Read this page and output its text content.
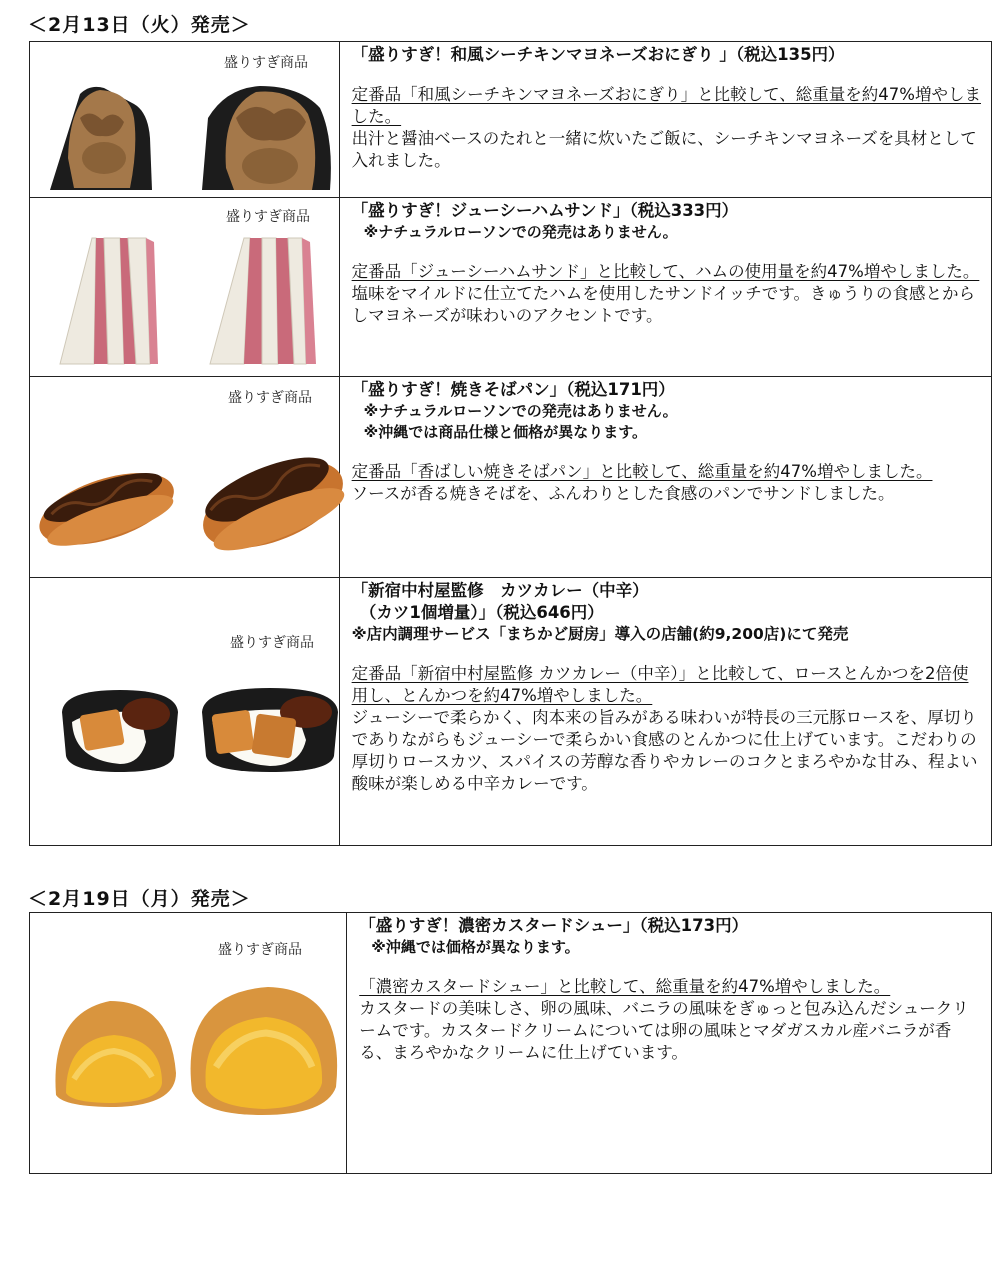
＜2月13日（火）発売＞
盛りすぎ商品	「盛りすぎ！和風シーチキンマヨネーズおにぎり 」（税込135円）
定番品「和風シーチキンマヨネーズおにぎり」と比較して、総重量を約47%増やしました。
出汁と醤油ベースのたれと一緒に炊いたご飯に、シーチキンマヨネーズを具材として入れました。

盛りすぎ商品	「盛りすぎ！ジューシーハムサンド」（税込333円）
※ナチュラルローソンでの発売はありません。
定番品「ジューシーハムサンド」と比較して、ハムの使用量を約47%増やしました。
塩味をマイルドに仕立てたハムを使用したサンドイッチです。きゅうりの食感とからしマヨネーズが味わいのアクセントです。

盛りすぎ商品	「盛りすぎ！焼きそばパン」（税込171円）
※ナチュラルローソンでの発売はありません。
※沖縄では商品仕様と価格が異なります。
定番品「香ばしい焼きそばパン」と比較して、総重量を約47%増やしました。
ソースが香る焼きそばを、ふんわりとした食感のパンでサンドしました。

盛りすぎ商品	「新宿中村屋監修　カツカレー（中辛）
　（カツ1個増量）」（税込646円）
※店内調理サービス「まちかど厨房」導入の店舗(約9,200店)にて発売
定番品「新宿中村屋監修 カツカレー（中辛）」と比較して、ロースとんかつを2倍使用し、とんかつを約47%増やしました。
ジューシーで柔らかく、肉本来の旨みがある味わいが特長の三元豚ロースを、厚切りでありながらもジューシーで柔らかい食感のとんかつに仕上げています。こだわりの厚切りロースカツ、スパイスの芳醇な香りやカレーのコクとまろやかな甘み、程よい酸味が楽しめる中辛カレーです。
＜2月19日（月）発売＞
盛りすぎ商品

「盛りすぎ！濃密カスタードシュー」（税込173円）
※沖縄では価格が異なります。
「濃密カスタードシュー」と比較して、総重量を約47%増やしました。
カスタードの美味しさ、卵の風味、バニラの風味をぎゅっと包み込んだシュークリームです。カスタードクリームについては卵の風味とマダガスカル産バニラが香る、まろやかなクリームに仕上げています。
